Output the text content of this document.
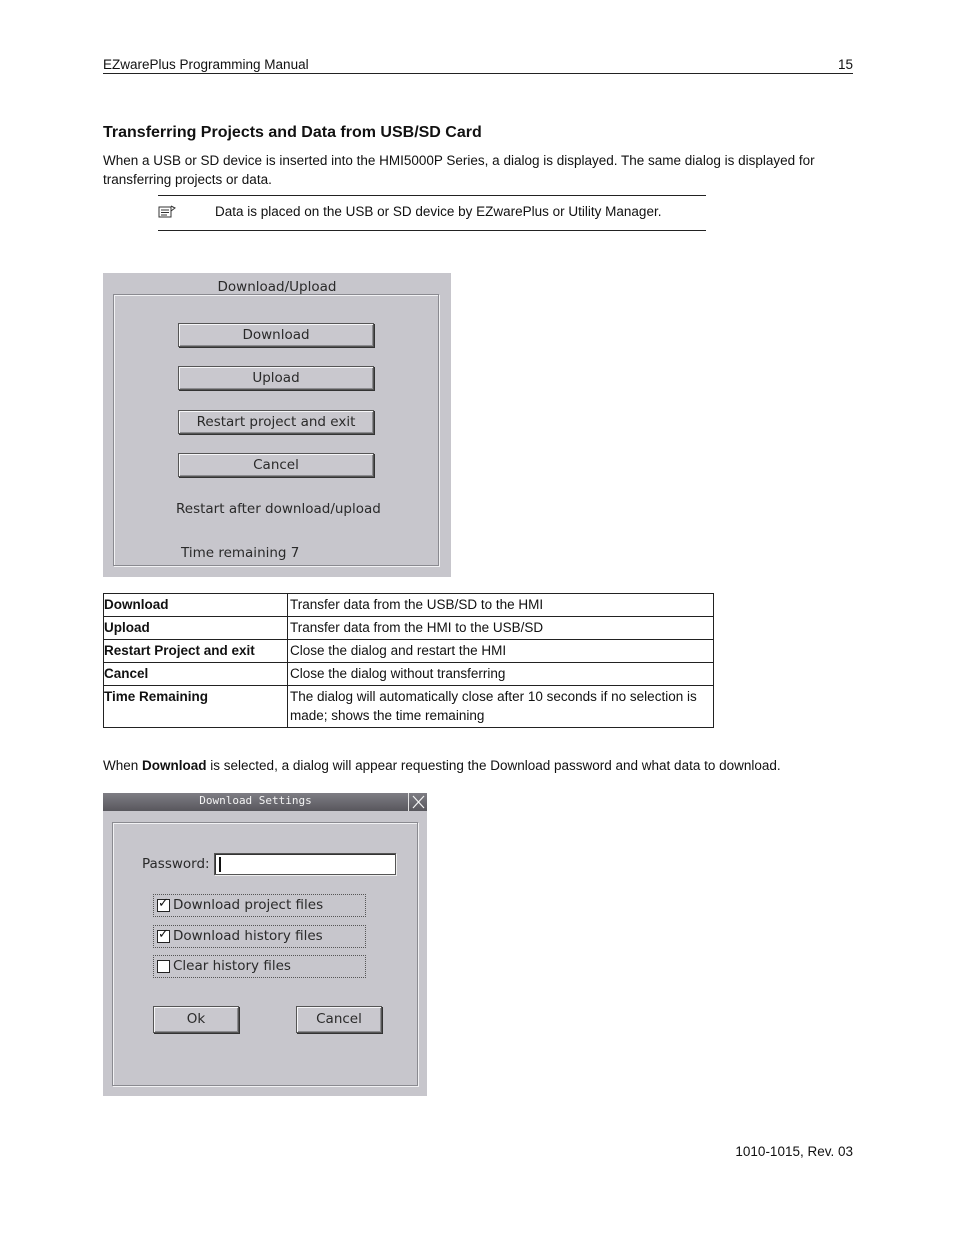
EZwarePlus Programming Manual	15
Transferring Projects and Data from USB/SD Card
When a USB or SD device is inserted into the HMI5000P Series, a dialog is displayed. The same dialog is displayed for transferring projects or data.
Data is placed on the USB or SD device by EZwarePlus or Utility Manager.
Download/Upload
Download
Upload
Restart project and exit
Cancel
Restart after download/upload
Time remaining 7
Download	Transfer data from the USB/SD to the HMI
Upload	Transfer data from the HMI to the USB/SD
Restart Project and exit	Close the dialog and restart the HMI
Cancel	Close the dialog without transferring
Time Remaining	The dialog will automatically close after 10 seconds if no selection is made; shows the time remaining
When Download is selected, a dialog will appear requesting the Download password and what data to download.
Download Settings
Password:
✓ Download project files
✓ Download history files
Clear history files
Ok	Cancel
1010-1015, Rev. 03
